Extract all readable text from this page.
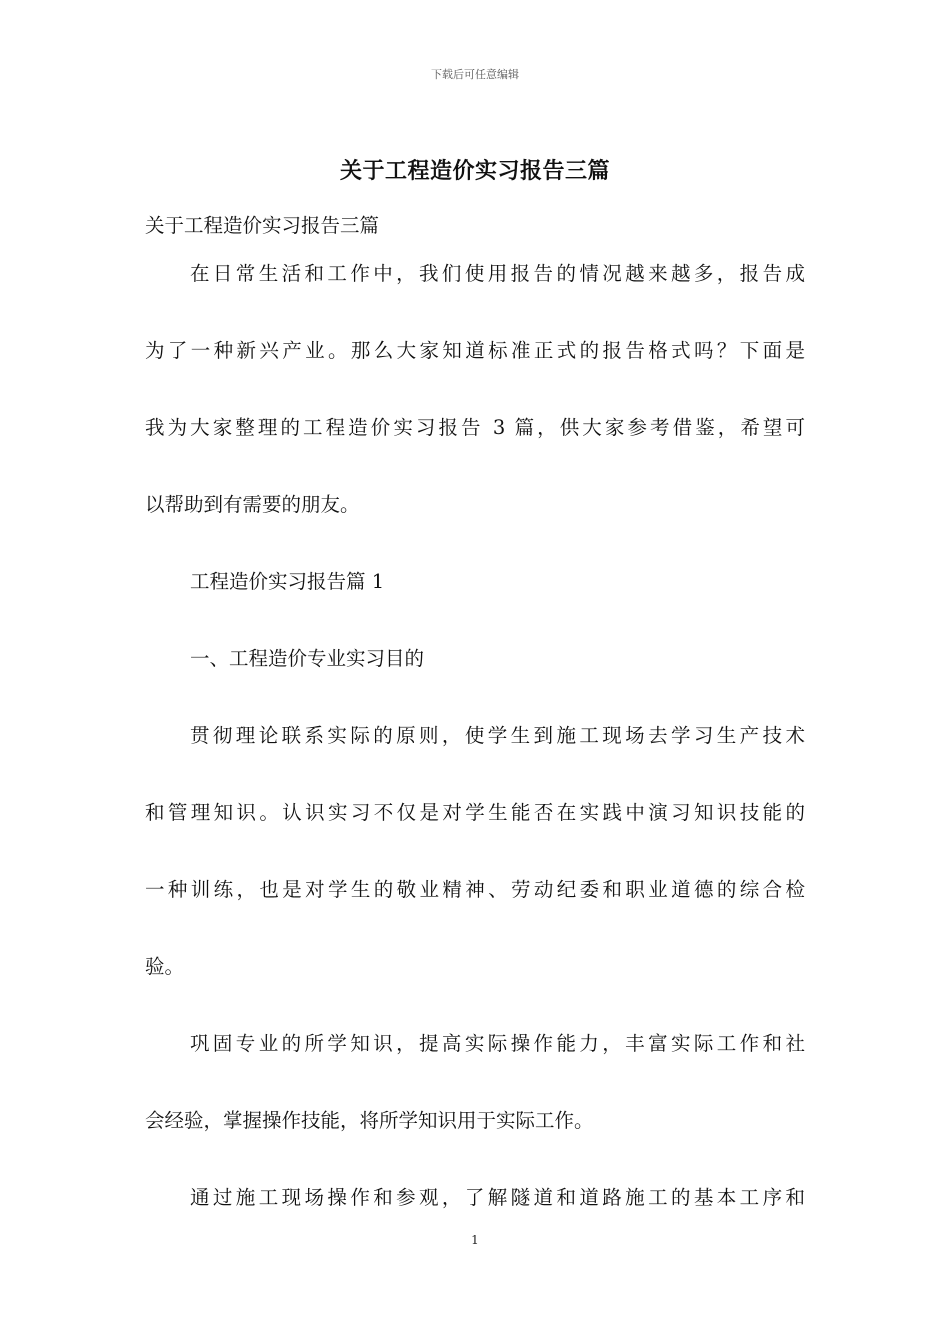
下载后可任意编辑
关于工程造价实习报告三篇
关于工程造价实习报告三篇
在日常生活和工作中，我们使用报告的情况越来越多，报告成
为了一种新兴产业。那么大家知道标准正式的报告格式吗？下面是
我为大家整理的工程造价实习报告 3 篇，供大家参考借鉴，希望可
以帮助到有需要的朋友。
工程造价实习报告篇 1
一、工程造价专业实习目的
贯彻理论联系实际的原则，使学生到施工现场去学习生产技术
和管理知识。认识实习不仅是对学生能否在实践中演习知识技能的
一种训练，也是对学生的敬业精神、劳动纪委和职业道德的综合检
验。
巩固专业的所学知识，提高实际操作能力，丰富实际工作和社
会经验，掌握操作技能，将所学知识用于实际工作。
通过施工现场操作和参观，了解隧道和道路施工的基本工序和
1
